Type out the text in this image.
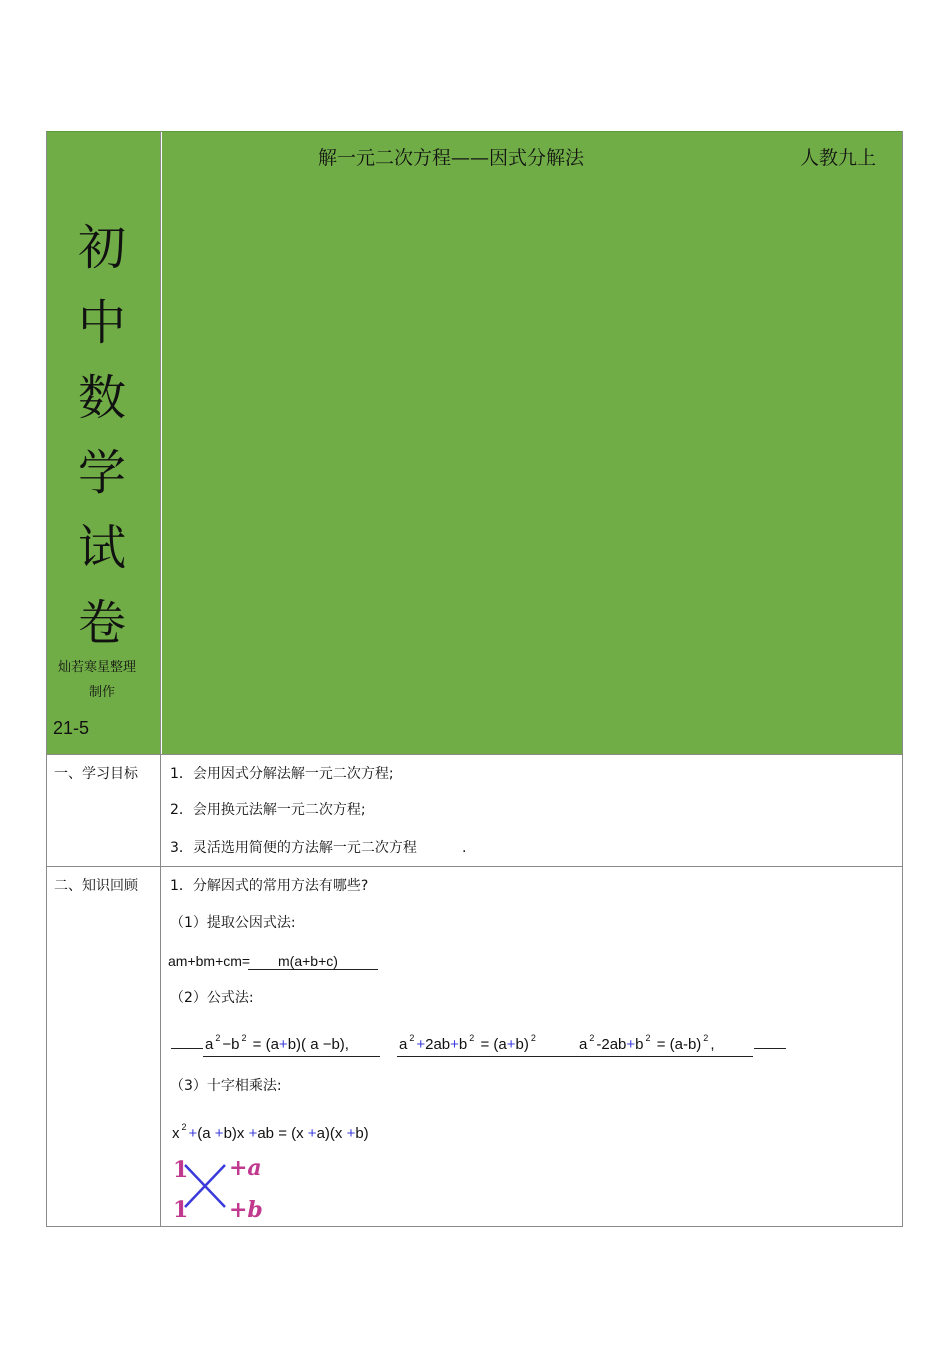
解一元二次方程——因式分解法	人教九上
初
中
数
学
试
卷
灿若寒星整理
制作
21-5
一、学习目标 1．会用因式分解法解一元二次方程;
2．会用换元法解一元二次方程;
3．灵活选用简便的方法解一元二次方程	.
二、知识回顾 1．分解因式的常用方法有哪些?
（1）提取公因式法:
am+bm+cm= m(a+b+c)
（2）公式法:
a $^2$ −b $^2$ = (a+b)( a −b),	a $^2$ +2ab+b $^2$ = (a+b) $^2$	a $^2$ -2ab+b $^2$ = (a-b) $^2$ ,
（3）十字相乘法:
x $^2$ +(a +b)x +ab = (x +a)(x +b)
1
1
+a
+b
